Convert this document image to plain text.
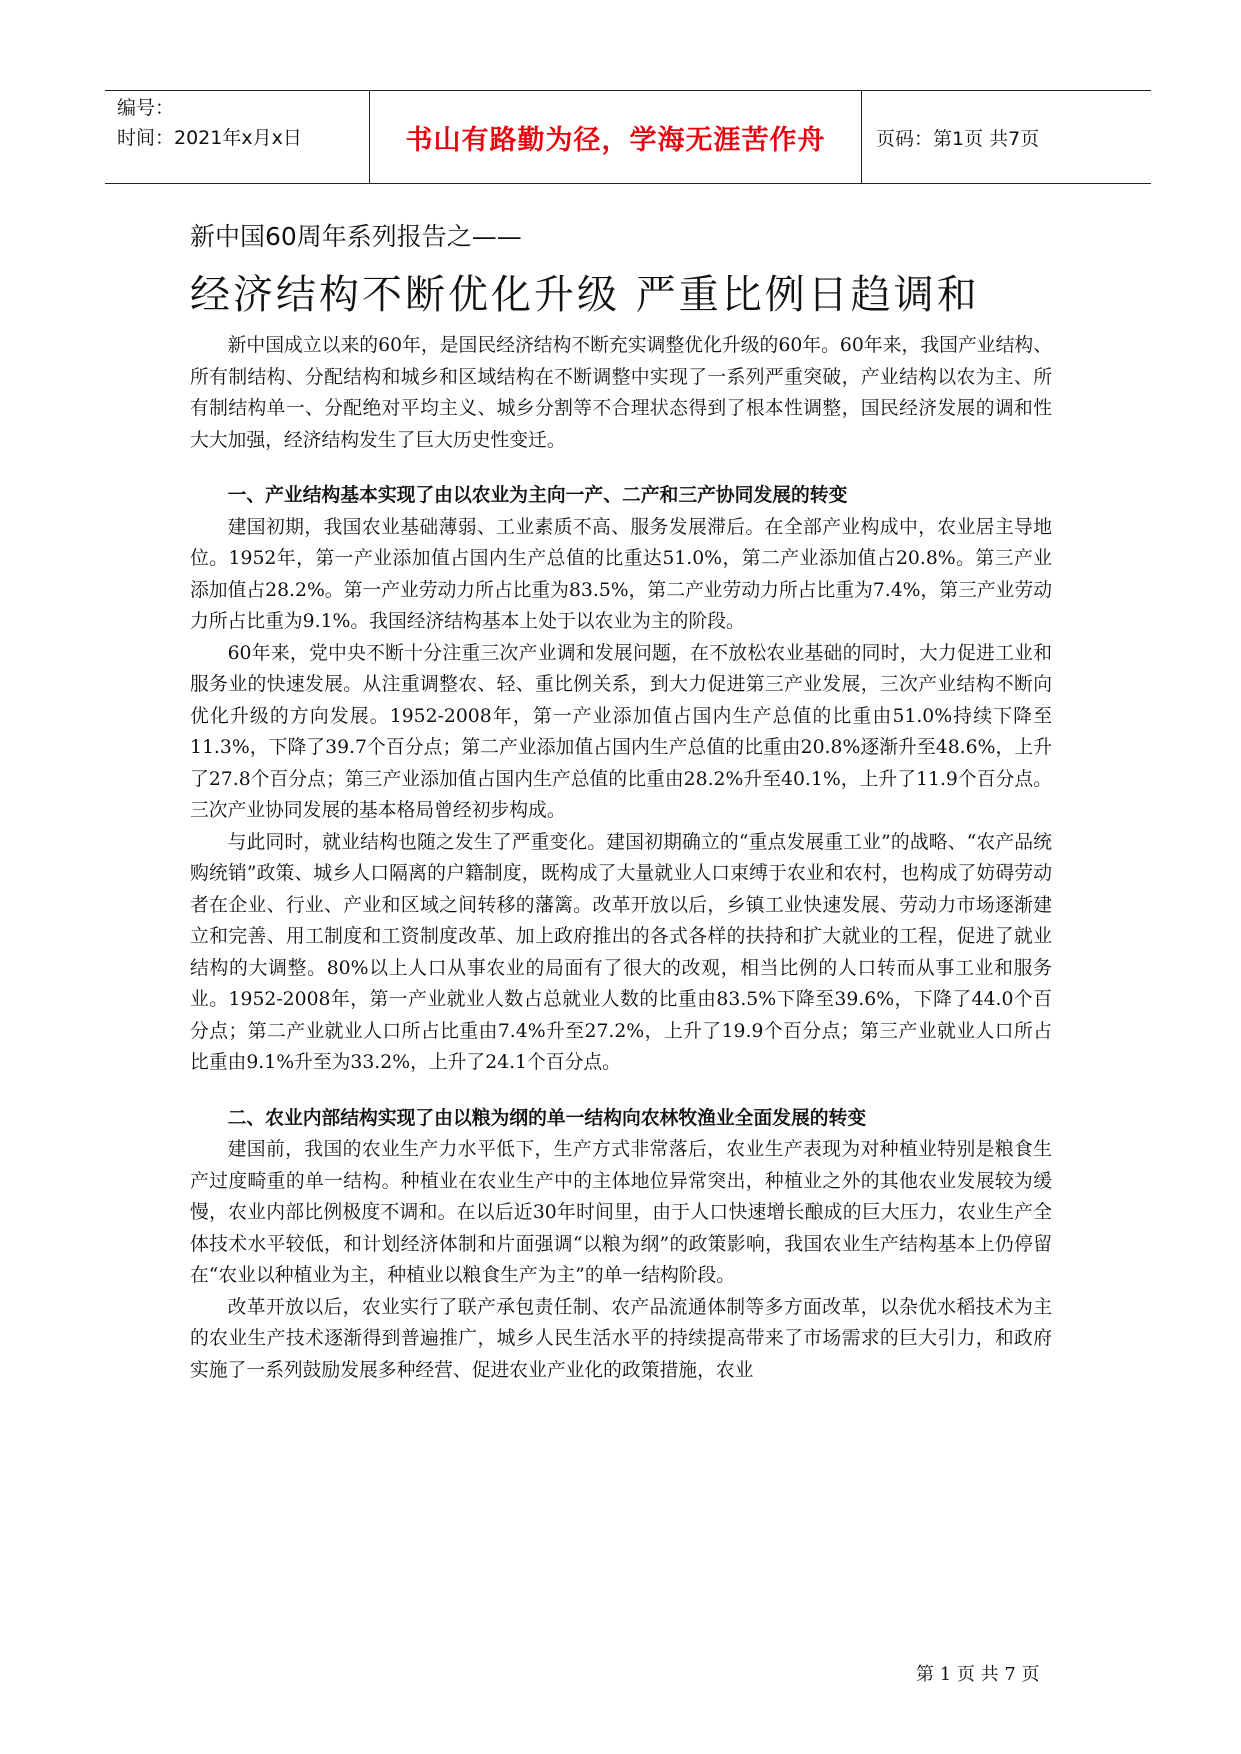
编号：
时间：2021年x月x日	书山有路勤为径，学海无涯苦作舟	页码：第1页 共7页
新中国60周年系列报告之——
经济结构不断优化升级 严重比例日趋调和

新中国成立以来的60年，是国民经济结构不断充实调整优化升级的60年。60年来，我国产业结构、所有制结构、分配结构和城乡和区域结构在不断调整中实现了一系列严重突破，产业结构以农为主、所有制结构单一、分配绝对平均主义、城乡分割等不合理状态得到了根本性调整，国民经济发展的调和性大大加强，经济结构发生了巨大历史性变迁。

一、产业结构基本实现了由以农业为主向一产、二产和三产协同发展的转变

建国初期，我国农业基础薄弱、工业素质不高、服务发展滞后。在全部产业构成中，农业居主导地位。1952年，第一产业添加值占国内生产总值的比重达51.0%，第二产业添加值占20.8%。第三产业添加值占28.2%。第一产业劳动力所占比重为83.5%，第二产业劳动力所占比重为7.4%，第三产业劳动力所占比重为9.1%。我国经济结构基本上处于以农业为主的阶段。

60年来，党中央不断十分注重三次产业调和发展问题，在不放松农业基础的同时，大力促进工业和服务业的快速发展。从注重调整农、轻、重比例关系，到大力促进第三产业发展，三次产业结构不断向优化升级的方向发展。1952-2008年，第一产业添加值占国内生产总值的比重由51.0%持续下降至11.3%，下降了39.7个百分点；第二产业添加值占国内生产总值的比重由20.8%逐渐升至48.6%，上升了27.8个百分点；第三产业添加值占国内生产总值的比重由28.2%升至40.1%，上升了11.9个百分点。三次产业协同发展的基本格局曾经初步构成。

与此同时，就业结构也随之发生了严重变化。建国初期确立的“重点发展重工业”的战略、“农产品统购统销”政策、城乡人口隔离的户籍制度，既构成了大量就业人口束缚于农业和农村，也构成了妨碍劳动者在企业、行业、产业和区域之间转移的藩篱。改革开放以后，乡镇工业快速发展、劳动力市场逐渐建立和完善、用工制度和工资制度改革、加上政府推出的各式各样的扶持和扩大就业的工程，促进了就业结构的大调整。80%以上人口从事农业的局面有了很大的改观，相当比例的人口转而从事工业和服务业。1952-2008年，第一产业就业人数占总就业人数的比重由83.5%下降至39.6%，下降了44.0个百分点；第二产业就业人口所占比重由7.4%升至27.2%，上升了19.9个百分点；第三产业就业人口所占比重由9.1%升至为33.2%，上升了24.1个百分点。

二、农业内部结构实现了由以粮为纲的单一结构向农林牧渔业全面发展的转变

建国前，我国的农业生产力水平低下，生产方式非常落后，农业生产表现为对种植业特别是粮食生产过度畸重的单一结构。种植业在农业生产中的主体地位异常突出，种植业之外的其他农业发展较为缓慢，农业内部比例极度不调和。在以后近30年时间里，由于人口快速增长酿成的巨大压力，农业生产全体技术水平较低，和计划经济体制和片面强调“以粮为纲”的政策影响，我国农业生产结构基本上仍停留在“农业以种植业为主，种植业以粮食生产为主”的单一结构阶段。

改革开放以后，农业实行了联产承包责任制、农产品流通体制等多方面改革，以杂优水稻技术为主的农业生产技术逐渐得到普遍推广，城乡人民生活水平的持续提高带来了市场需求的巨大引力，和政府实施了一系列鼓励发展多种经营、促进农业产业化的政策措施，农业

第 1 页 共 7 页
